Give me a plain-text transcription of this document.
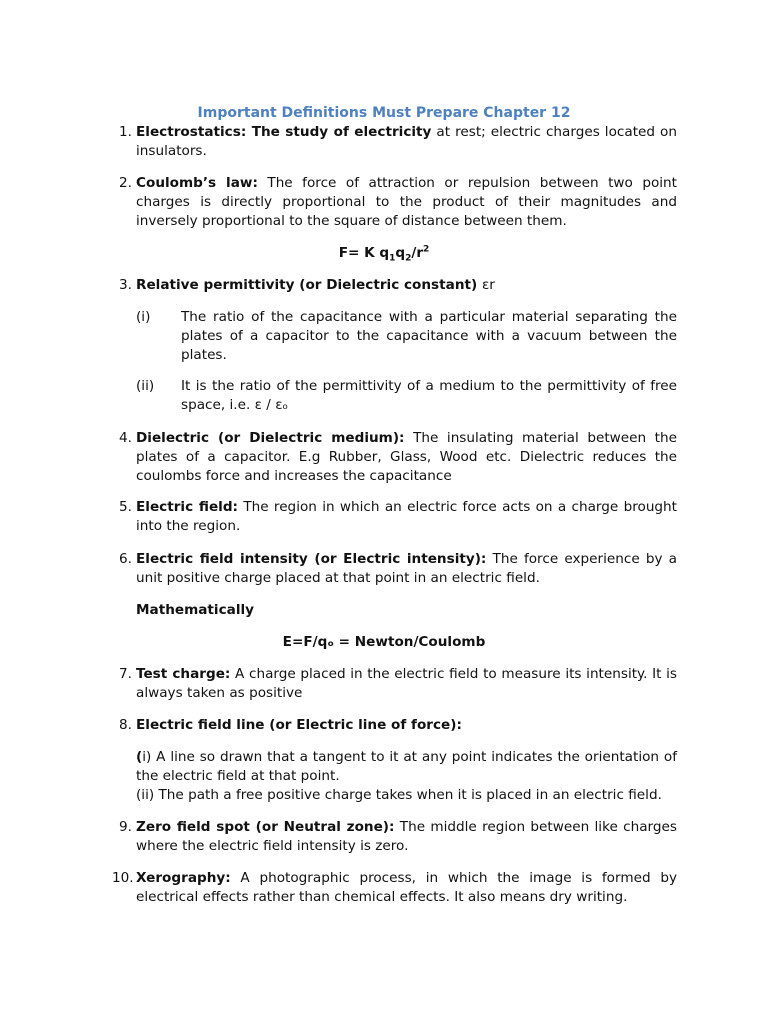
Important Definitions Must Prepare Chapter 12
1. Electrostatics: The study of electricity at rest; electric charges located on insulators.
2. Coulomb’s law: The force of attraction or repulsion between two point charges is directly proportional to the product of their magnitudes and inversely proportional to the square of distance between them.
F= K $q_1q_2/r^2$
3. Relative permittivity (or Dielectric constant) εr
(i) The ratio of the capacitance with a particular material separating the plates of a capacitor to the capacitance with a vacuum between the plates.
(ii) It is the ratio of the permittivity of a medium to the permittivity of free space, i.e. ε / εₒ
4. Dielectric (or Dielectric medium): The insulating material between the plates of a capacitor. E.g Rubber, Glass, Wood etc. Dielectric reduces the coulombs force and increases the capacitance
5. Electric field: The region in which an electric force acts on a charge brought into the region.
6. Electric field intensity (or Electric intensity): The force experience by a unit positive charge placed at that point in an electric field.
Mathematically
E=F/qₒ = Newton/Coulomb
7. Test charge: A charge placed in the electric field to measure its intensity. It is always taken as positive
8. Electric field line (or Electric line of force):
(i) A line so drawn that a tangent to it at any point indicates the orientation of the electric field at that point.
(ii) The path a free positive charge takes when it is placed in an electric field.
9. Zero field spot (or Neutral zone): The middle region between like charges where the electric field intensity is zero.
10. Xerography: A photographic process, in which the image is formed by electrical effects rather than chemical effects. It also means dry writing.
